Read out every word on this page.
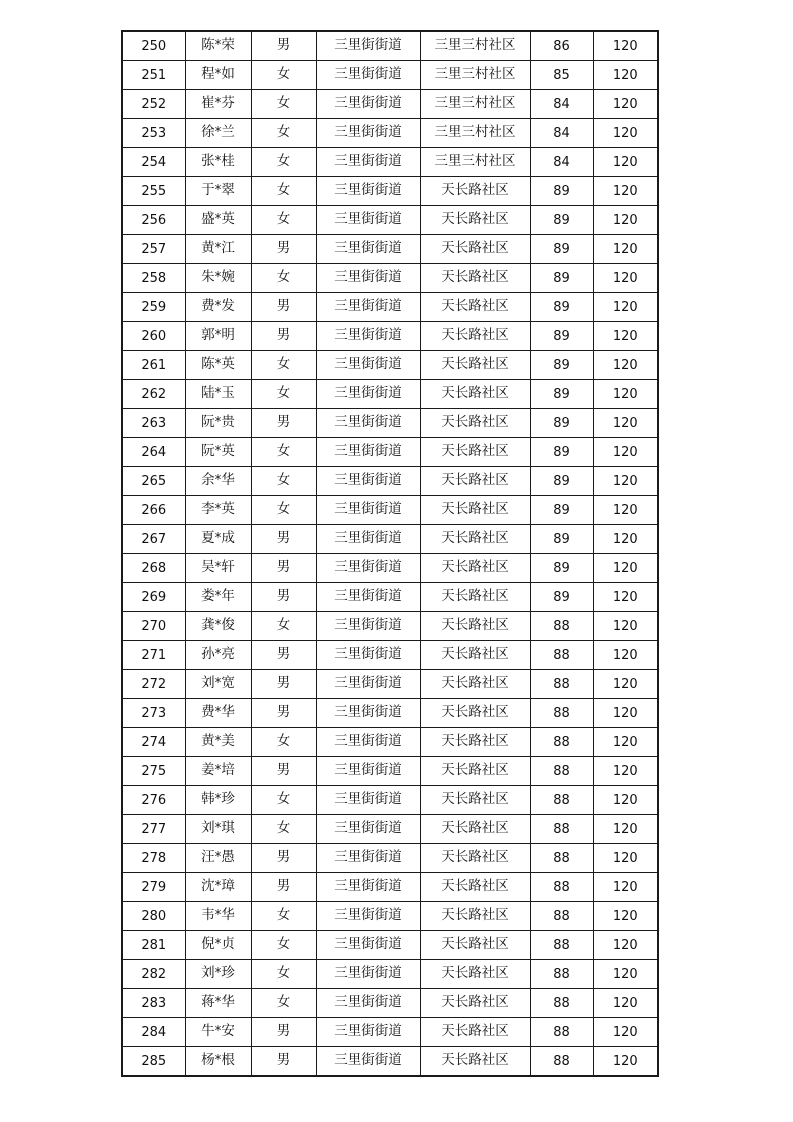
250	陈*荣	男	三里街街道	三里三村社区	86	120
251	程*如	女	三里街街道	三里三村社区	85	120
252	崔*芬	女	三里街街道	三里三村社区	84	120
253	徐*兰	女	三里街街道	三里三村社区	84	120
254	张*桂	女	三里街街道	三里三村社区	84	120
255	于*翠	女	三里街街道	天长路社区	89	120
256	盛*英	女	三里街街道	天长路社区	89	120
257	黄*江	男	三里街街道	天长路社区	89	120
258	朱*婉	女	三里街街道	天长路社区	89	120
259	费*发	男	三里街街道	天长路社区	89	120
260	郭*明	男	三里街街道	天长路社区	89	120
261	陈*英	女	三里街街道	天长路社区	89	120
262	陆*玉	女	三里街街道	天长路社区	89	120
263	阮*贵	男	三里街街道	天长路社区	89	120
264	阮*英	女	三里街街道	天长路社区	89	120
265	余*华	女	三里街街道	天长路社区	89	120
266	李*英	女	三里街街道	天长路社区	89	120
267	夏*成	男	三里街街道	天长路社区	89	120
268	吴*轩	男	三里街街道	天长路社区	89	120
269	娄*年	男	三里街街道	天长路社区	89	120
270	龚*俊	女	三里街街道	天长路社区	88	120
271	孙*亮	男	三里街街道	天长路社区	88	120
272	刘*宽	男	三里街街道	天长路社区	88	120
273	费*华	男	三里街街道	天长路社区	88	120
274	黄*美	女	三里街街道	天长路社区	88	120
275	姜*培	男	三里街街道	天长路社区	88	120
276	韩*珍	女	三里街街道	天长路社区	88	120
277	刘*琪	女	三里街街道	天长路社区	88	120
278	汪*愚	男	三里街街道	天长路社区	88	120
279	沈*璋	男	三里街街道	天长路社区	88	120
280	韦*华	女	三里街街道	天长路社区	88	120
281	倪*贞	女	三里街街道	天长路社区	88	120
282	刘*珍	女	三里街街道	天长路社区	88	120
283	蒋*华	女	三里街街道	天长路社区	88	120
284	牛*安	男	三里街街道	天长路社区	88	120
285	杨*根	男	三里街街道	天长路社区	88	120
